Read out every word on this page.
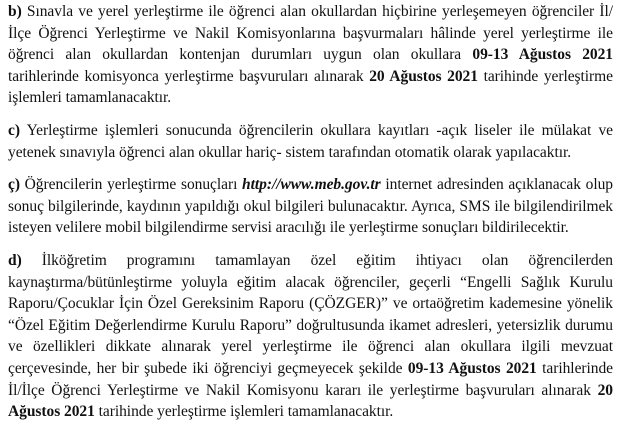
b) Sınavla ve yerel yerleştirme ile öğrenci alan okullardan hiçbirine yerleşemeyen öğrenciler İl/İlçe Öğrenci Yerleştirme ve Nakil Komisyonlarına başvurmaları hâlinde yerel yerleştirme ile öğrenci alan okullardan kontenjan durumları uygun olan okullara 09-13 Ağustos 2021 tarihlerinde komisyonca yerleştirme başvuruları alınarak 20 Ağustos 2021 tarihinde yerleştirme işlemleri tamamlanacaktır.

c) Yerleştirme işlemleri sonucunda öğrencilerin okullara kayıtları -açık liseler ile mülakat ve yetenek sınavıyla öğrenci alan okullar hariç- sistem tarafından otomatik olarak yapılacaktır.

ç) Öğrencilerin yerleştirme sonuçları http://www.meb.gov.tr internet adresinden açıklanacak olup sonuç bilgilerinde, kaydının yapıldığı okul bilgileri bulunacaktır. Ayrıca, SMS ile bilgilendirilmek isteyen velilere mobil bilgilendirme servisi aracılığı ile yerleştirme sonuçları bildirilecektir.

d) İlköğretim programını tamamlayan özel eğitim ihtiyacı olan öğrencilerden kaynaştırma/bütünleştirme yoluyla eğitim alacak öğrenciler, geçerli “Engelli Sağlık Kurulu Raporu/Çocuklar İçin Özel Gereksinim Raporu (ÇÖZGER)” ve ortaöğretim kademesine yönelik “Özel Eğitim Değerlendirme Kurulu Raporu” doğrultusunda ikamet adresleri, yetersizlik durumu ve özellikleri dikkate alınarak yerel yerleştirme ile öğrenci alan okullara ilgili mevzuat çerçevesinde, her bir şubede iki öğrenciyi geçmeyecek şekilde 09-13 Ağustos 2021 tarihlerinde İl/İlçe Öğrenci Yerleştirme ve Nakil Komisyonu kararı ile yerleştirme başvuruları alınarak 20 Ağustos 2021 tarihinde yerleştirme işlemleri tamamlanacaktır.
